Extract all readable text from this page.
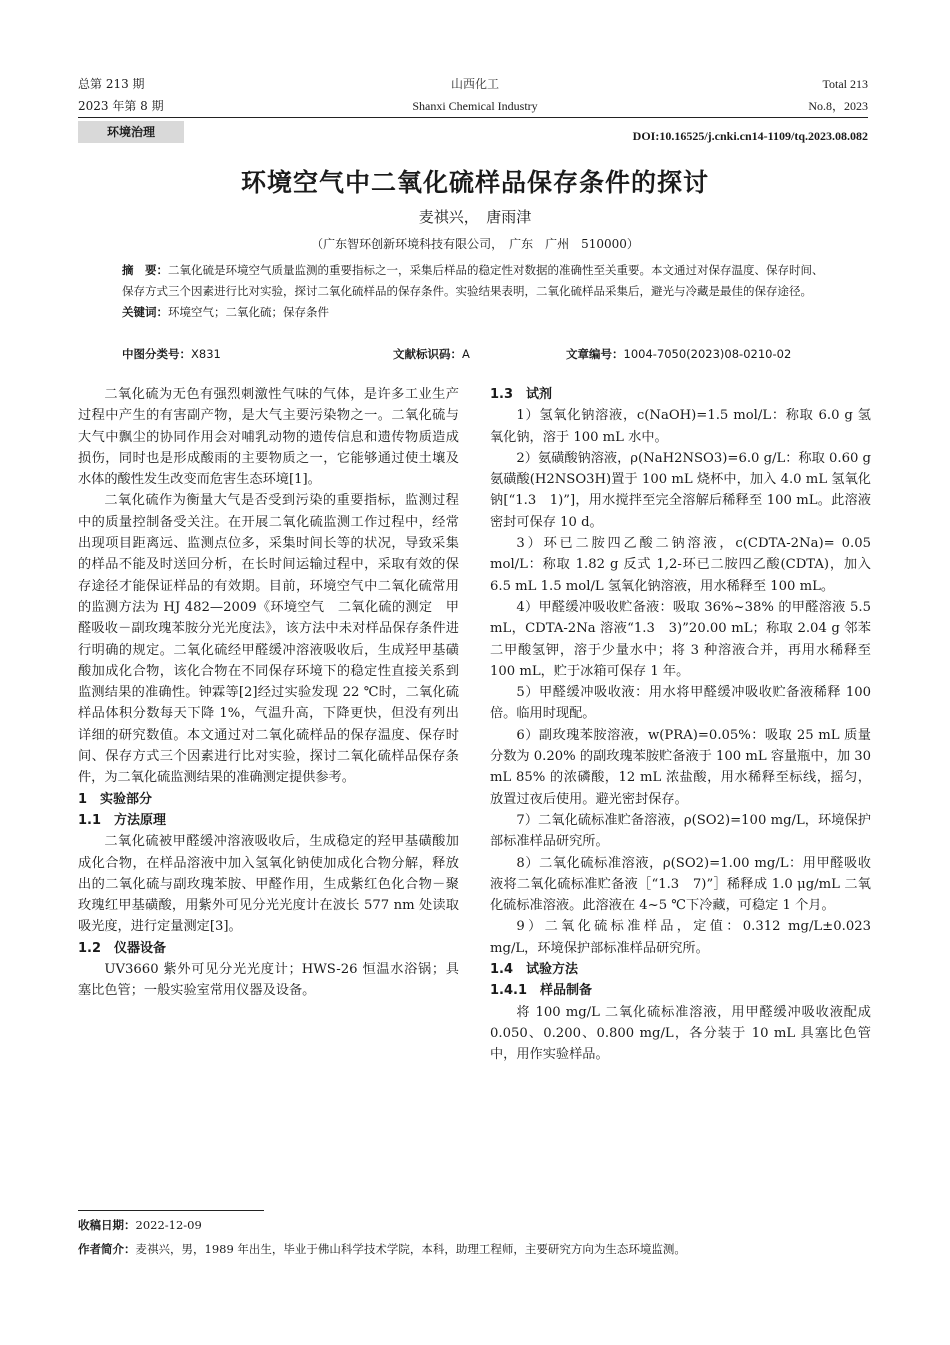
总第 213 期
2023 年第 8 期
山西化工
Shanxi Chemical Industry
Total 213
No.8，2023
环境治理	DOI:10.16525/j.cnki.cn14-1109/tq.2023.08.082
环境空气中二氧化硫样品保存条件的探讨
麦祺兴，　唐雨津
（广东智环创新环境科技有限公司，　广东　广州　510000）
摘　要：二氧化硫是环境空气质量监测的重要指标之一，采集后样品的稳定性对数据的准确性至关重要。本文通过对保存温度、保存时间、保存方式三个因素进行比对实验，探讨二氧化硫样品的保存条件。实验结果表明，二氧化硫样品采集后，避光与冷藏是最佳的保存途径。
关键词：环境空气；二氧化硫；保存条件
中图分类号：X831	文献标识码：A	文章编号：1004-7050(2023)08-0210-02

二氧化硫为无色有强烈刺激性气味的气体，是许多工业生产过程中产生的有害副产物，是大气主要污染物之一。二氧化硫与大气中飘尘的协同作用会对哺乳动物的遗传信息和遗传物质造成损伤，同时也是形成酸雨的主要物质之一，它能够通过使土壤及水体的酸性发生改变而危害生态环境[1]。

二氧化硫作为衡量大气是否受到污染的重要指标，监测过程中的质量控制备受关注。在开展二氧化硫监测工作过程中，经常出现项目距离远、监测点位多，采集时间长等的状况，导致采集的样品不能及时送回分析，在长时间运输过程中，采取有效的保存途径才能保证样品的有效期。目前，环境空气中二氧化硫常用的监测方法为 HJ 482—2009《环境空气　二氧化硫的测定　甲醛吸收－副玫瑰苯胺分光光度法》，该方法中未对样品保存条件进行明确的规定。二氧化硫经甲醛缓冲溶液吸收后，生成羟甲基磺酸加成化合物，该化合物在不同保存环境下的稳定性直接关系到监测结果的准确性。钟霖等[2]经过实验发现 22 ℃时，二氧化硫样品体积分数每天下降 1%，气温升高，下降更快，但没有列出详细的研究数值。本文通过对二氧化硫样品的保存温度、保存时间、保存方式三个因素进行比对实验，探讨二氧化硫样品保存条件，为二氧化硫监测结果的准确测定提供参考。

1　实验部分

1.1　方法原理

二氧化硫被甲醛缓冲溶液吸收后，生成稳定的羟甲基磺酸加成化合物，在样品溶液中加入氢氧化钠使加成化合物分解，释放出的二氧化硫与副玫瑰苯胺、甲醛作用，生成紫红色化合物－聚玫瑰红甲基磺酸，用紫外可见分光光度计在波长 577 nm 处读取吸光度，进行定量测定[3]。

1.2　仪器设备

UV3660 紫外可见分光光度计；HWS-26 恒温水浴锅；具塞比色管；一般实验室常用仪器及设备。

1.3　试剂

1）氢氧化钠溶液，c(NaOH)=1.5 mol/L：称取 6.0 g 氢氧化钠，溶于 100 mL 水中。

2）氨磺酸钠溶液，ρ(NaH2NSO3)=6.0 g/L：称取 0.60 g 氨磺酸(H2NSO3H)置于 100 mL 烧杯中，加入 4.0 mL 氢氧化钠[“1.3　1)”]，用水搅拌至完全溶解后稀释至 100 mL。此溶液密封可保存 10 d。

3）环已二胺四乙酸二钠溶液，c(CDTA-2Na)= 0.05 mol/L：称取 1.82 g 反式 1,2-环已二胺四乙酸(CDTA)，加入 6.5 mL 1.5 mol/L 氢氧化钠溶液，用水稀释至 100 mL。

4）甲醛缓冲吸收贮备液：吸取 36%~38% 的甲醛溶液 5.5 mL，CDTA-2Na 溶液“1.3　3)”20.00 mL；称取 2.04 g 邻苯二甲酸氢钾，溶于少量水中；将 3 种溶液合并，再用水稀释至 100 mL，贮于冰箱可保存 1 年。

5）甲醛缓冲吸收液：用水将甲醛缓冲吸收贮备液稀释 100 倍。临用时现配。

6）副玫瑰苯胺溶液，w(PRA)=0.05%：吸取 25 mL 质量分数为 0.20% 的副玫瑰苯胺贮备液于 100 mL 容量瓶中，加 30 mL 85% 的浓磷酸，12 mL 浓盐酸，用水稀释至标线，摇匀，放置过夜后使用。避光密封保存。

7）二氧化硫标准贮备溶液，ρ(SO2)=100 mg/L，环境保护部标准样品研究所。

8）二氧化硫标准溶液，ρ(SO2)=1.00 mg/L：用甲醛吸收液将二氧化硫标准贮备液［“1.3　7)”］稀释成 1.0 μg/mL 二氧化硫标准溶液。此溶液在 4~5 ℃下冷藏，可稳定 1 个月。

9）二氧化硫标准样品，定值：0.312 mg/L±0.023 mg/L，环境保护部标准样品研究所。

1.4　试验方法

1.4.1　样品制备

将 100 mg/L 二氧化硫标准溶液，用甲醛缓冲吸收液配成 0.050、0.200、0.800 mg/L，各分装于 10 mL 具塞比色管中，用作实验样品。

收稿日期：2022-12-09
作者简介：麦祺兴，男，1989 年出生，毕业于佛山科学技术学院，本科，助理工程师，主要研究方向为生态环境监测。
